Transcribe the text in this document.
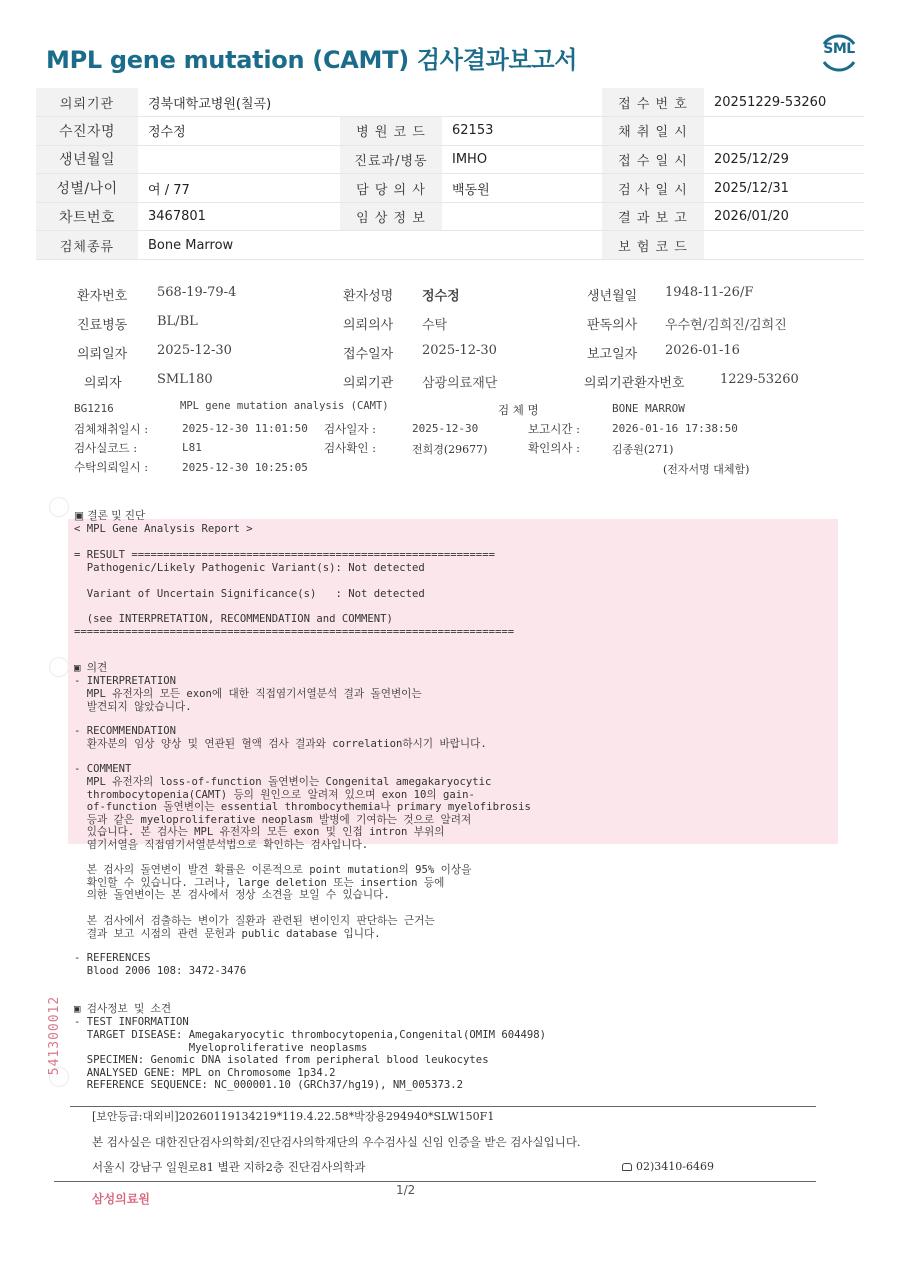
MPL gene mutation (CAMT) 검사결과보고서	SML
의뢰기관	경북대학교병원(칠곡)			접 수 번 호	20251229-53260
수진자명	정수정	병 원 코 드	62153	채 취 일 시	
생년월일		진료과/병동	IMHO	접 수 일 시	2025/12/29
성별/나이	여 / 77	담 당 의 사	백동원	검 사 일 시	2025/12/31
차트번호	3467801	임 상 정 보		결 과 보 고	2026/01/20
검체종류	Bone Marrow			보 험 코 드	
환자번호 568-19-79-4	환자성명 정수정	생년월일 1948-11-26/F
진료병동 BL/BL	의뢰의사 수탁	판독의사 우수현/김희진/김희진
의뢰일자 2025-12-30	접수일자 2025-12-30	보고일자 2026-01-16
의뢰자	SML180	의뢰기관 삼광의료재단	의뢰기관환자번호	1229-53260
BG1216	MPL gene mutation analysis (CAMT)	검 체 명	BONE MARROW
검체채취일시 :	2025-12-30 11:01:50 검사일자 :	2025-12-30	보고시간 :	2026-01-16 17:38:50
검사실코드 :	L81	검사확인 :	전희경(29677)	확인의사 :	김종원(271)
수탁의뢰일시 :	2025-12-30 10:25:05	(전자서명 대체함)
▣ 결론 및 진단
< MPL Gene Analysis Report >

= RESULT =========================================================
Pathogenic/Likely Pathogenic Variant(s): Not detected

Variant of Uncertain Significance(s)   : Not detected
(see INTERPRETATION, RECOMMENDATION and COMMENT)
=====================================================================
▣ 의견
- INTERPRETATION
MPL 유전자의 모든 exon에 대한 직접염기서열분석 결과 돌연변이는
발견되지 않았습니다.
- RECOMMENDATION
환자분의 임상 양상 및 연관된 혈액 검사 결과와 correlation하시기 바랍니다.
- COMMENT
MPL 유전자의 loss-of-function 돌연변이는 Congenital amegakaryocytic
thrombocytopenia(CAMT) 등의 원인으로 알려져 있으며 exon 10의 gain-
of-function 돌연변이는 essential thrombocythemia나 primary myelofibrosis
등과 같은 myeloproliferative neoplasm 발병에 기여하는 것으로 알려져
있습니다. 본 검사는 MPL 유전자의 모든 exon 및 인접 intron 부위의
염기서열을 직접염기서열분석법으로 확인하는 검사입니다.
본 검사의 돌연변이 발견 확률은 이론적으로 point mutation의 95% 이상을
확인할 수 있습니다. 그러나, large deletion 또는 insertion 등에
의한 돌연변이는 본 검사에서 정상 소견을 보일 수 있습니다.
본 검사에서 검출하는 변이가 질환과 관련된 변이인지 판단하는 근거는
결과 보고 시점의 관련 문헌과 public database 입니다.
- REFERENCES
Blood 2006 108: 3472-3476
▣ 검사정보 및 소견
- TEST INFORMATION
TARGET DISEASE: Amegakaryocytic thrombocytopenia,Congenital(OMIM 604498)
Myeloproliferative neoplasms
SPECIMEN: Genomic DNA isolated from peripheral blood leukocytes
ANALYSED GENE: MPL on Chromosome 1p34.2
REFERENCE SEQUENCE: NC_000001.10 (GRCh37/hg19), NM_005373.2
541300012
[보안등급:대외비]20260119134219*119.4.22.58*박장용294940*SLW150F1
본 검사실은 대한진단검사의학회/진단검사의학재단의 우수검사실 신임 인증을 받은 검사실입니다.
서울시 강남구 일원로81 별관 지하2층 진단검사의학과	02)3410-6469
삼성의료원
1/2
